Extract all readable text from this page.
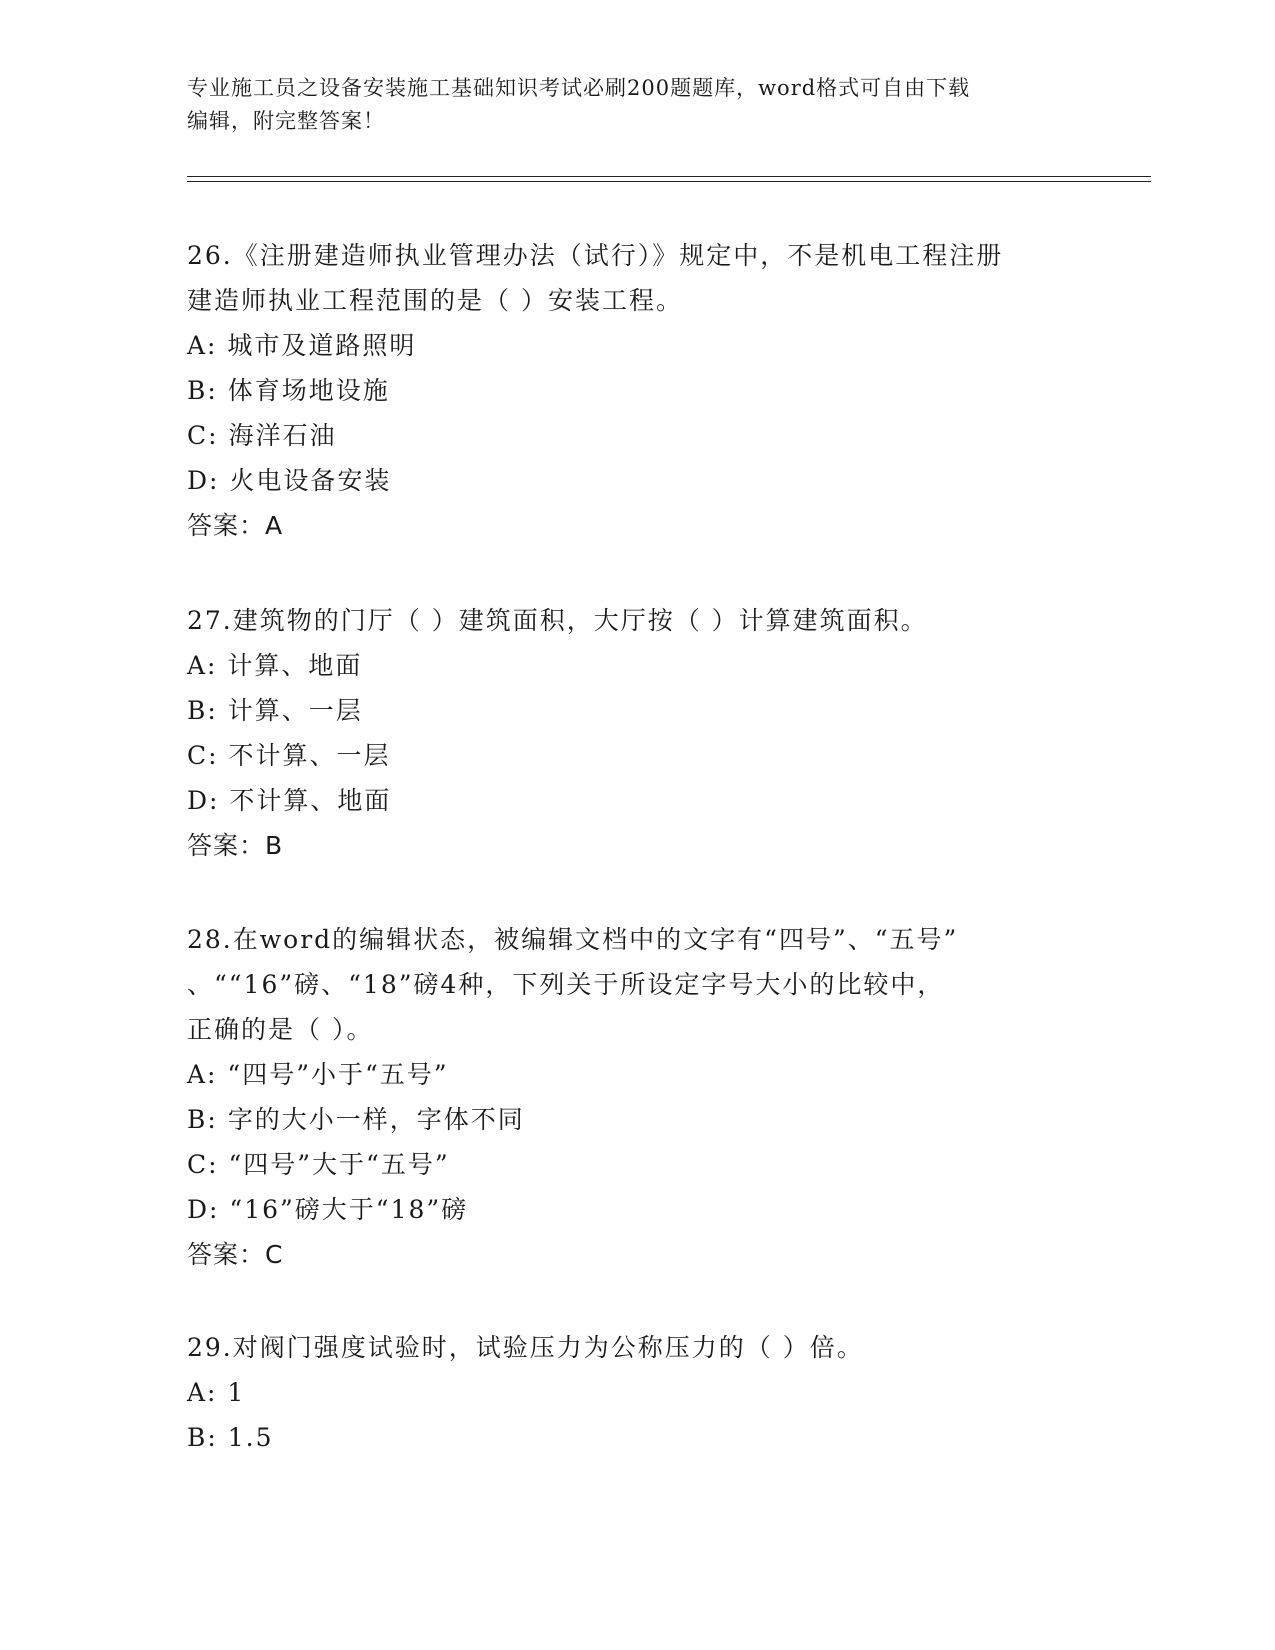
专业施工员之设备安装施工基础知识考试必刷200题题库，word格式可自由下载
编辑，附完整答案！
26.《注册建造师执业管理办法（试行）》规定中，不是机电工程注册
建造师执业工程范围的是（ ）安装工程。
A: 城市及道路照明
B: 体育场地设施
C: 海洋石油
D: 火电设备安装
答案：A
27.建筑物的门厅（ ）建筑面积，大厅按（ ）计算建筑面积。
A: 计算、地面
B: 计算、一层
C: 不计算、一层
D: 不计算、地面
答案：B
28.在word的编辑状态，被编辑文档中的文字有“四号”、“五号”
、““16”磅、“18”磅4种，下列关于所设定字号大小的比较中，
正确的是（ ）。
A: “四号”小于“五号”
B: 字的大小一样，字体不同
C: “四号”大于“五号”
D: “16”磅大于“18”磅
答案：C
29.对阀门强度试验时，试验压力为公称压力的（ ）倍。
A: 1
B: 1.5
